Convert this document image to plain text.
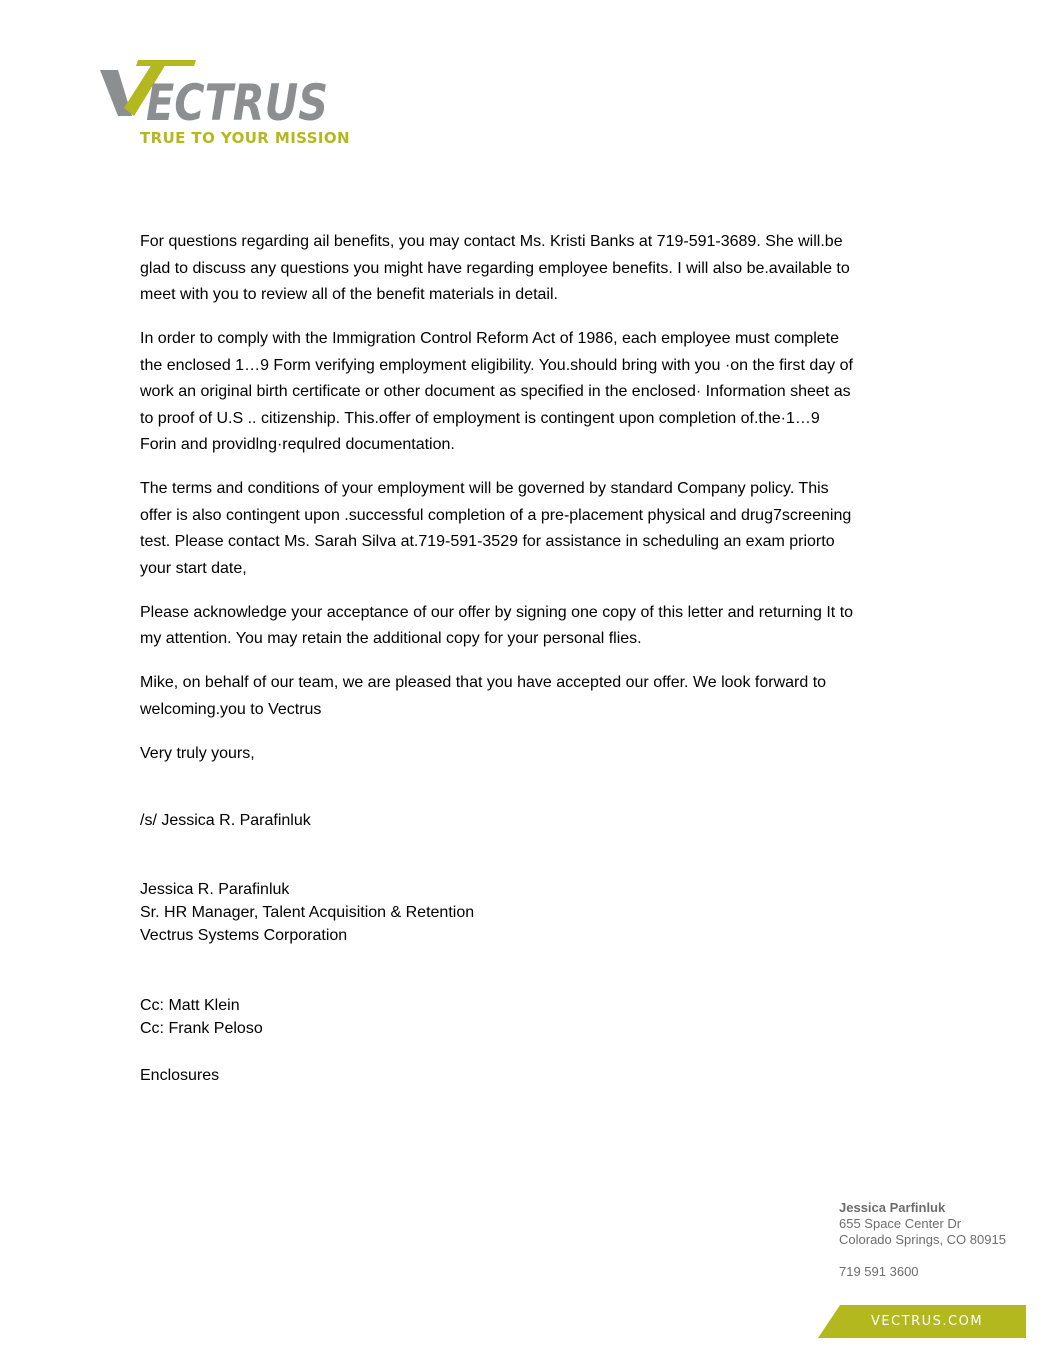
ECTRUS
TRUE TO YOUR MISSION

For questions regarding ail benefits, you may contact Ms. Kristi Banks at 719-591-3689. She will.be glad to discuss any questions you might have regarding employee benefits. I will also be.available to meet with you to review all of the benefit materials in detail.

In order to comply with the Immigration Control Reform Act of 1986, each employee must complete the enclosed 1…9 Form verifying employment eligibility. You.should bring with you ·on the first day of work an original birth certificate or other document as specified in the enclosed· Information sheet as to proof of U.S .. citizenship. This.offer of employment is contingent upon completion of.the·1…9 Forin and providlng·requlred documentation.

The terms and conditions of your employment will be governed by standard Company policy. This offer is also contingent upon .successful completion of a pre-placement physical and drug7screening test. Please contact Ms. Sarah Silva at.719-591-3529 for assistance in scheduling an exam priorto your start date,

Please acknowledge your acceptance of our offer by signing one copy of this letter and returning It to my attention. You may retain the additional copy for your personal flies.

Mike, on behalf of our team, we are pleased that you have accepted our offer. We look forward to welcoming.you to Vectrus

Very truly yours,

/s/ Jessica R. Parafinluk
Jessica R. Parafinluk
Sr. HR Manager, Talent Acquisition & Retention
Vectrus Systems Corporation
Cc: Matt Klein
Cc: Frank Peloso
Enclosures
Jessica Parfinluk
655 Space Center Dr
Colorado Springs, CO 80915
719 591 3600
VECTRUS.COM
